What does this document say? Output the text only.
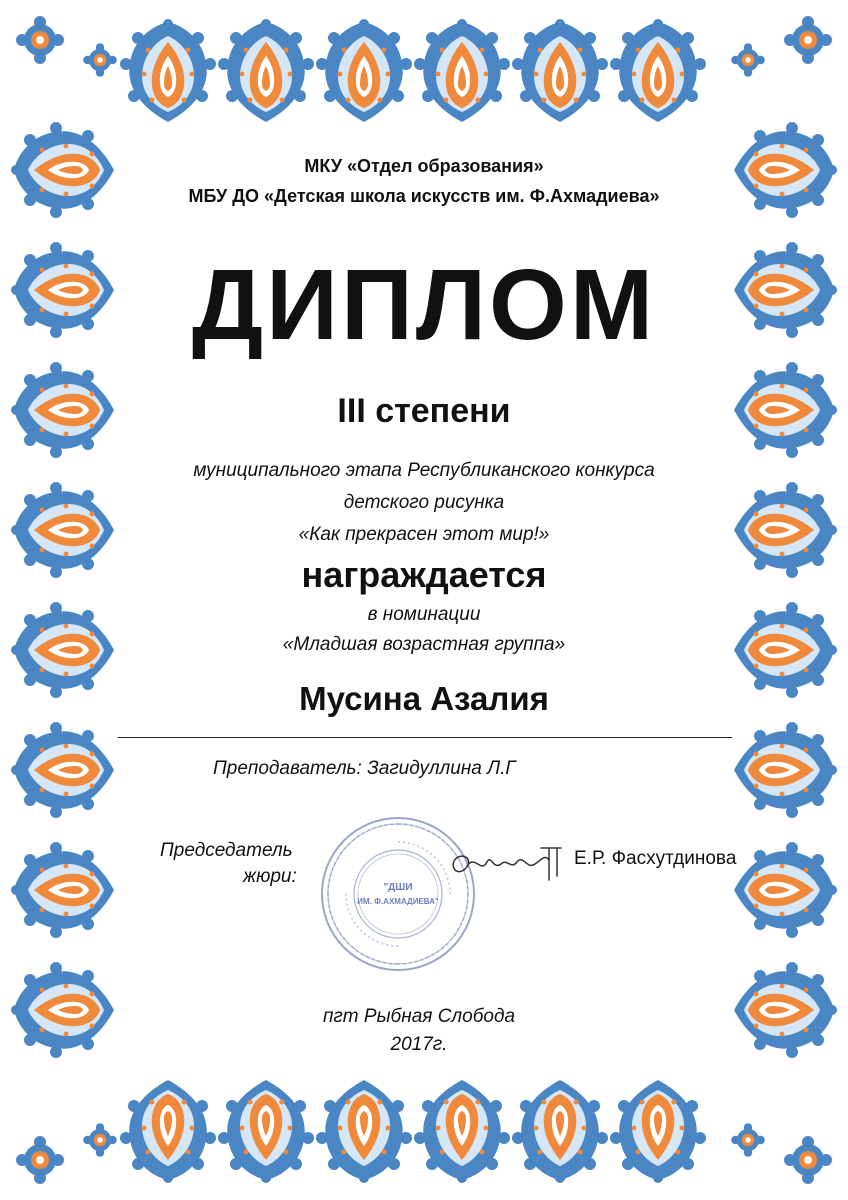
МКУ «Отдел образования»
МБУ ДО «Детская школа искусств им. Ф.Ахмадиева»
ДИПЛОМ
III степени
муниципального этапа Республиканского конкурса
детского рисунка
«Как прекрасен этот мир!»
награждается
в номинации
«Младшая возрастная группа»
Мусина Азалия
Преподаватель: Загидуллина Л.Г
Председатель
жюри:
"ДШИ
ИМ. Ф.АХМАДИЕВА"
Е.Р. Фасхутдинова
пгт Рыбная Слобода
2017г.
